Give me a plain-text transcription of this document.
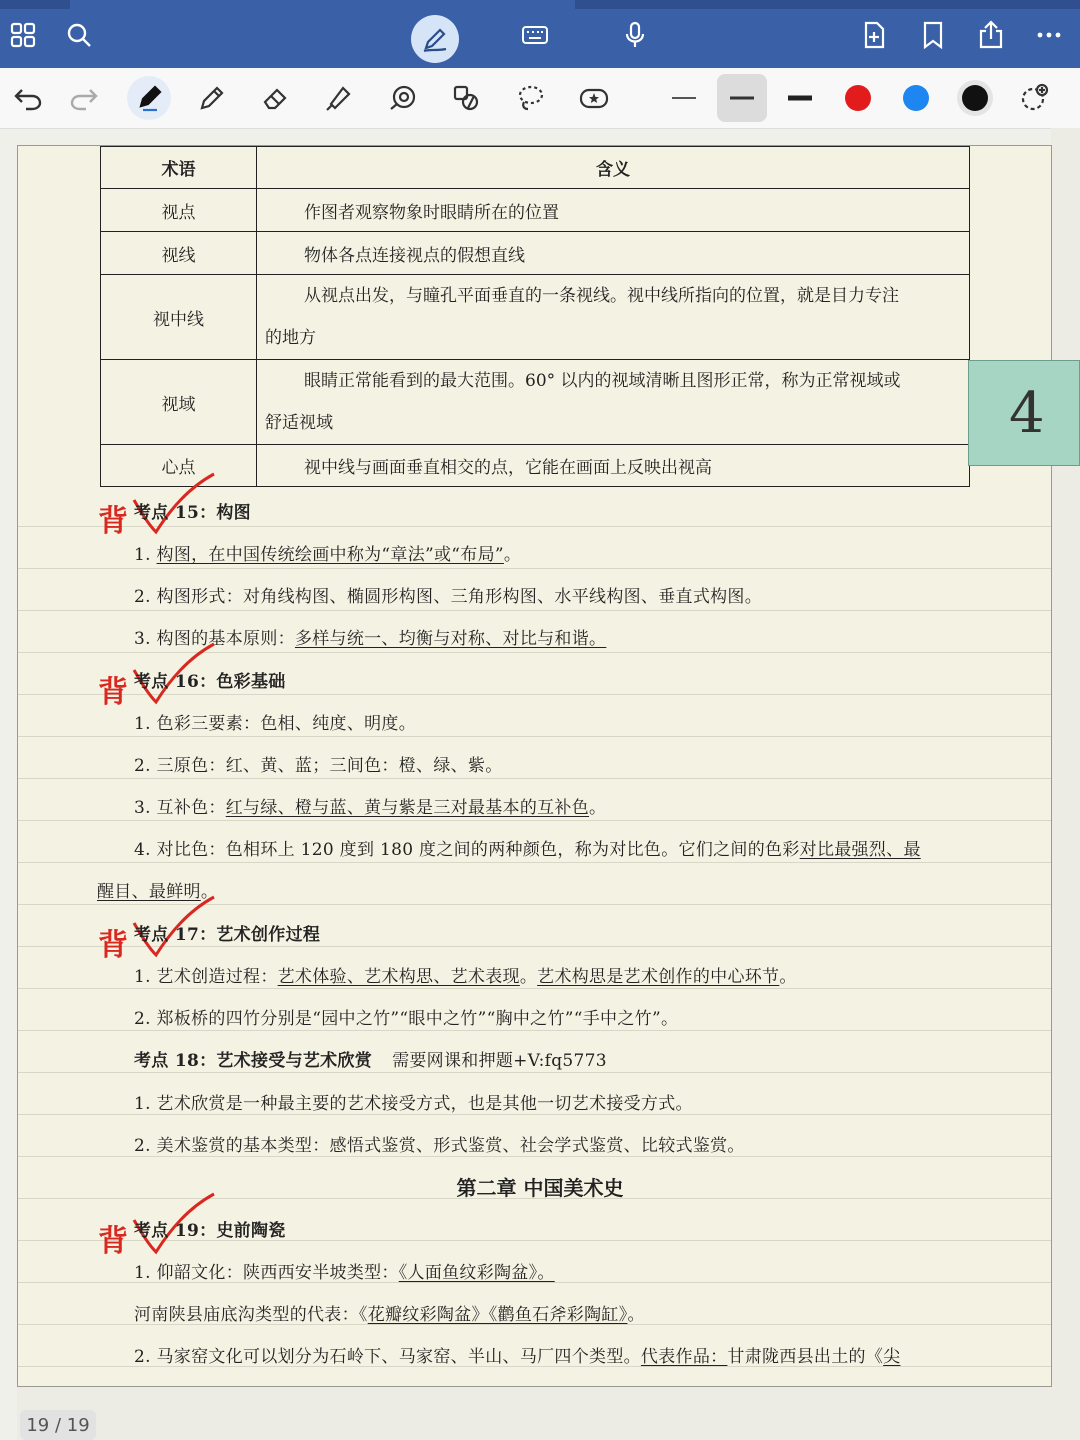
术语	含义
视点	作图者观察物象时眼睛所在的位置
视线	物体各点连接视点的假想直线
视中线	从视点出发，与瞳孔平面垂直的一条视线。视中线所指向的位置，就是目力专注
的地方

视域	眼睛正常能看到的最大范围。60° 以内的视域清晰且图形正常，称为正常视域或
舒适视域

心点	视中线与画面垂直相交的点，它能在画面上反映出视高
4
背 考点 15：构图
1. 构图，在中国传统绘画中称为“章法”或“布局”。
2. 构图形式：对角线构图、椭圆形构图、三角形构图、水平线构图、垂直式构图。
3. 构图的基本原则：多样与统一、均衡与对称、对比与和谐。
背 考点 16：色彩基础
1. 色彩三要素：色相、纯度、明度。
2. 三原色：红、黄、蓝；三间色：橙、绿、紫。
3. 互补色：红与绿、橙与蓝、黄与紫是三对最基本的互补色。
4. 对比色：色相环上 120 度到 180 度之间的两种颜色，称为对比色。它们之间的色彩对比最强烈、最
醒目、最鲜明。
背 考点 17：艺术创作过程
1. 艺术创造过程：艺术体验、艺术构思、艺术表现。艺术构思是艺术创作的中心环节。
2. 郑板桥的四竹分别是“园中之竹”“眼中之竹”“胸中之竹”“手中之竹”。
考点 18：艺术接受与艺术欣赏 需要网课和押题+V:fq5773
1. 艺术欣赏是一种最主要的艺术接受方式，也是其他一切艺术接受方式。
2. 美术鉴赏的基本类型：感悟式鉴赏、形式鉴赏、社会学式鉴赏、比较式鉴赏。
第二章 中国美术史
背 考点 19：史前陶瓷
1. 仰韶文化：陕西西安半坡类型：《人面鱼纹彩陶盆》。
河南陕县庙底沟类型的代表：《花瓣纹彩陶盆》《鹳鱼石斧彩陶缸》。
2. 马家窑文化可以划分为石岭下、马家窑、半山、马厂四个类型。代表作品：甘肃陇西县出土的《尖
19 / 19
